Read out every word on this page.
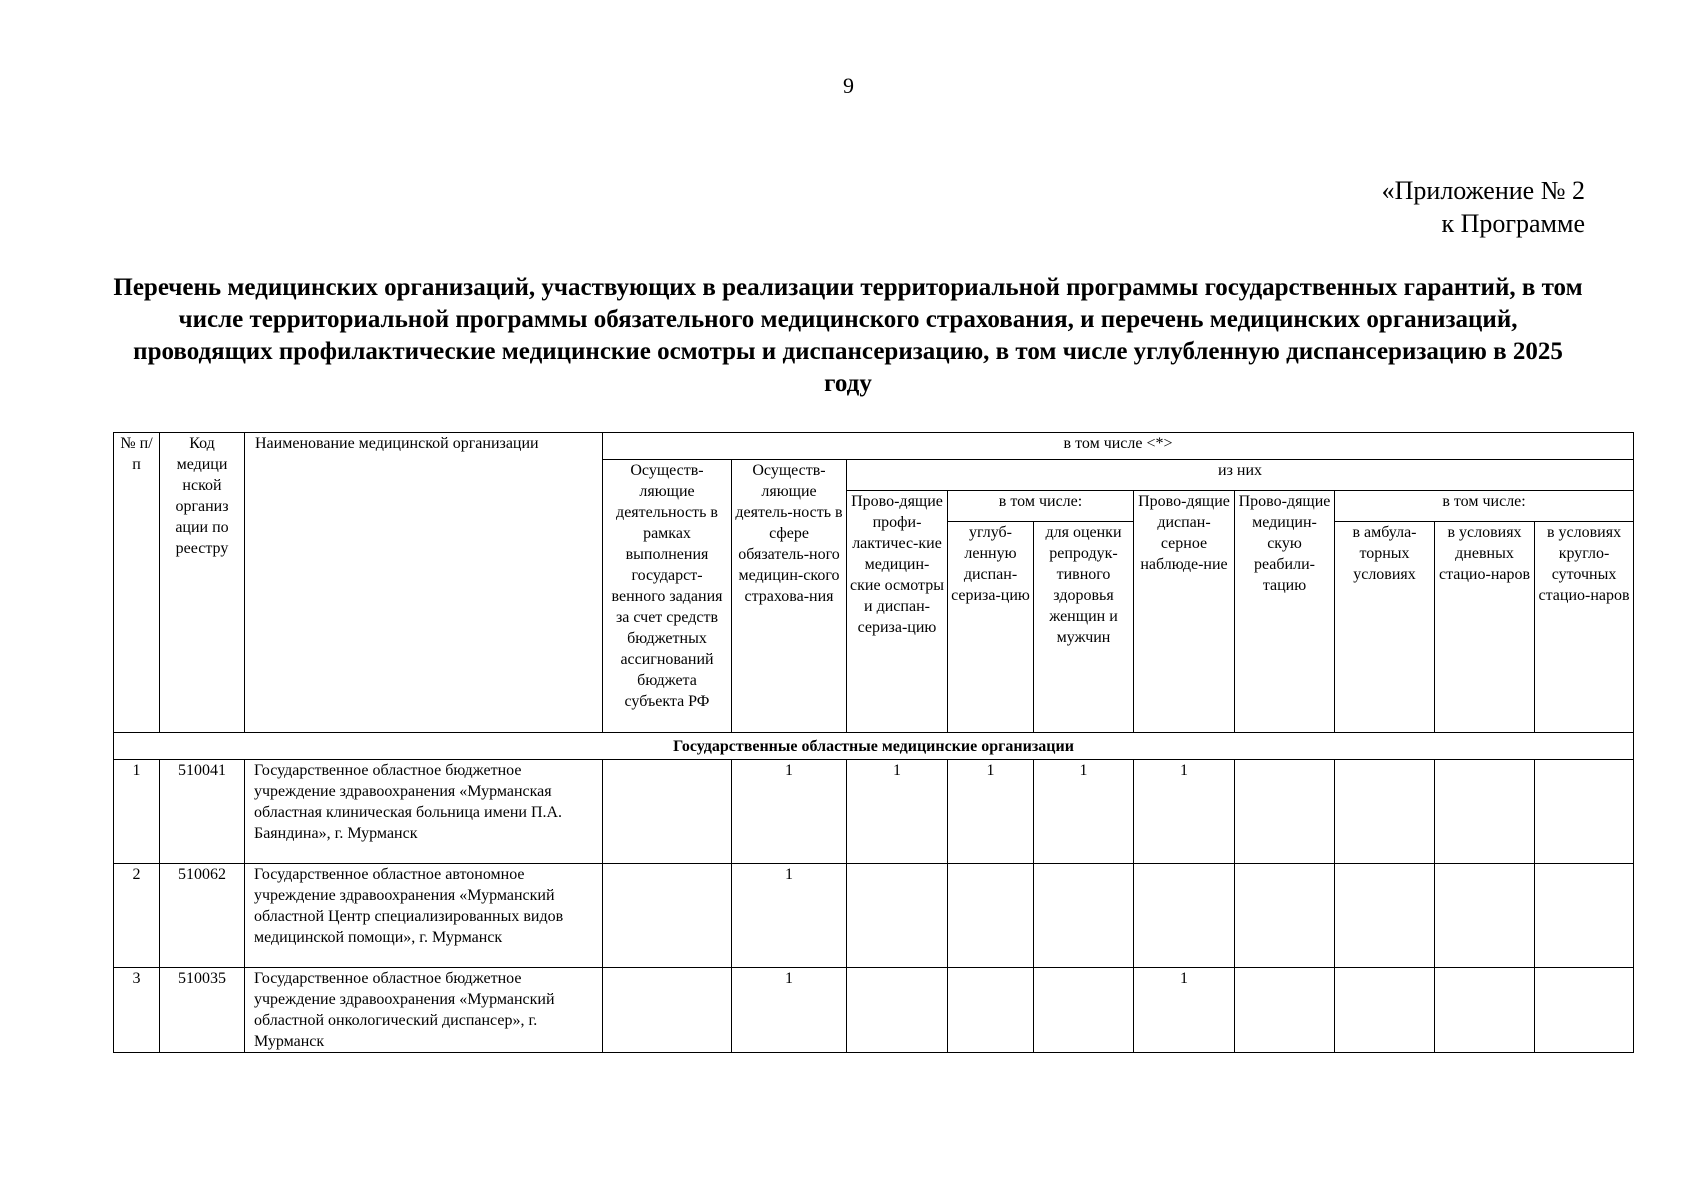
9
«Приложение № 2
к Программе
Перечень медицинских организаций, участвующих в реализации территориальной программы государственных гарантий, в том числе территориальной программы обязательного медицинского страхования, и перечень медицинских организаций, проводящих профилактические медицинские осмотры и диспансеризацию, в том числе углубленную диспансеризацию в 2025 году
№ п/п	Код медици нской организ ации по реестру	Наименование медицинской организации	в том числе <*>									
			Осуществ-ляющие деятельность в рамках выполнения государст-венного задания за счет средств бюджетных ассигнований бюджета субъекта РФ	Осуществ-ляющие деятель-ность в сфере обязатель-ного медицин-ского страхова-ния	из них							
					Прово-дящие профи-лактичес-кие медицин-ские осмотры и диспан-сериза-цию	в том числе:		Прово-дящие диспан-серное наблюде-ние	Прово-дящие медицин-скую реабили-тацию	в том числе:		
						углуб-ленную диспан-сериза-цию	для оценки репродук-тивного здоровья женщин и мужчин			в амбула-торных условиях	в условиях дневных стацио-наров	в условиях кругло-суточных стацио-наров
Государственные областные медицинские организации												
1	510041	Государственное областное бюджетное учреждение здравоохранения «Мурманская областная клиническая больница имени П.А. Баяндина», г. Мурманск		1	1	1	1	1				
2	510062	Государственное областное автономное учреждение здравоохранения «Мурманский областной Центр специализированных видов медицинской помощи», г. Мурманск		1								
3	510035	Государственное областное бюджетное учреждение здравоохранения «Мурманский областной онкологический диспансер», г. Мурманск		1				1				
